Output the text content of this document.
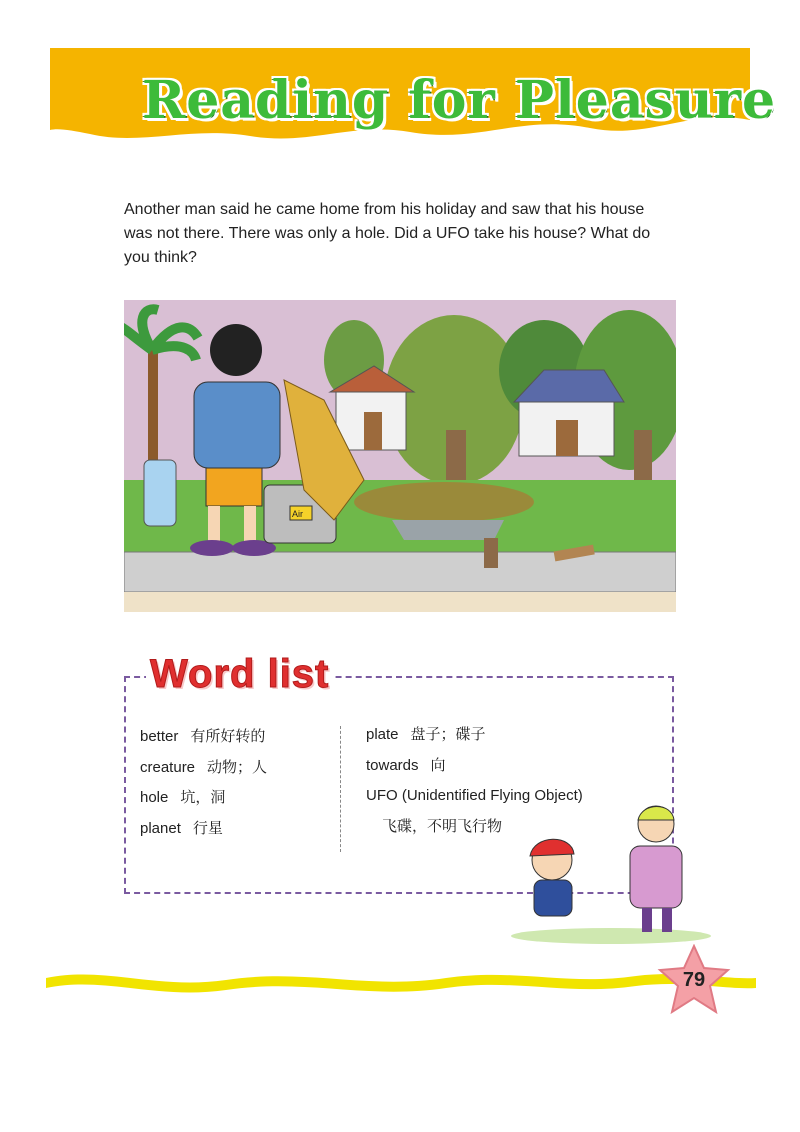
Reading for Pleasure
Another man said he came home from his holiday and saw that his house was not there. There was only a hole. Did a UFO take his house? What do you think?
Air
Word list
better 有所好转的
creature 动物；人
hole 坑，洞
planet 行星
plate 盘子；碟子
towards 向
UFO (Unidentified Flying Object)
飞碟，不明飞行物
79
